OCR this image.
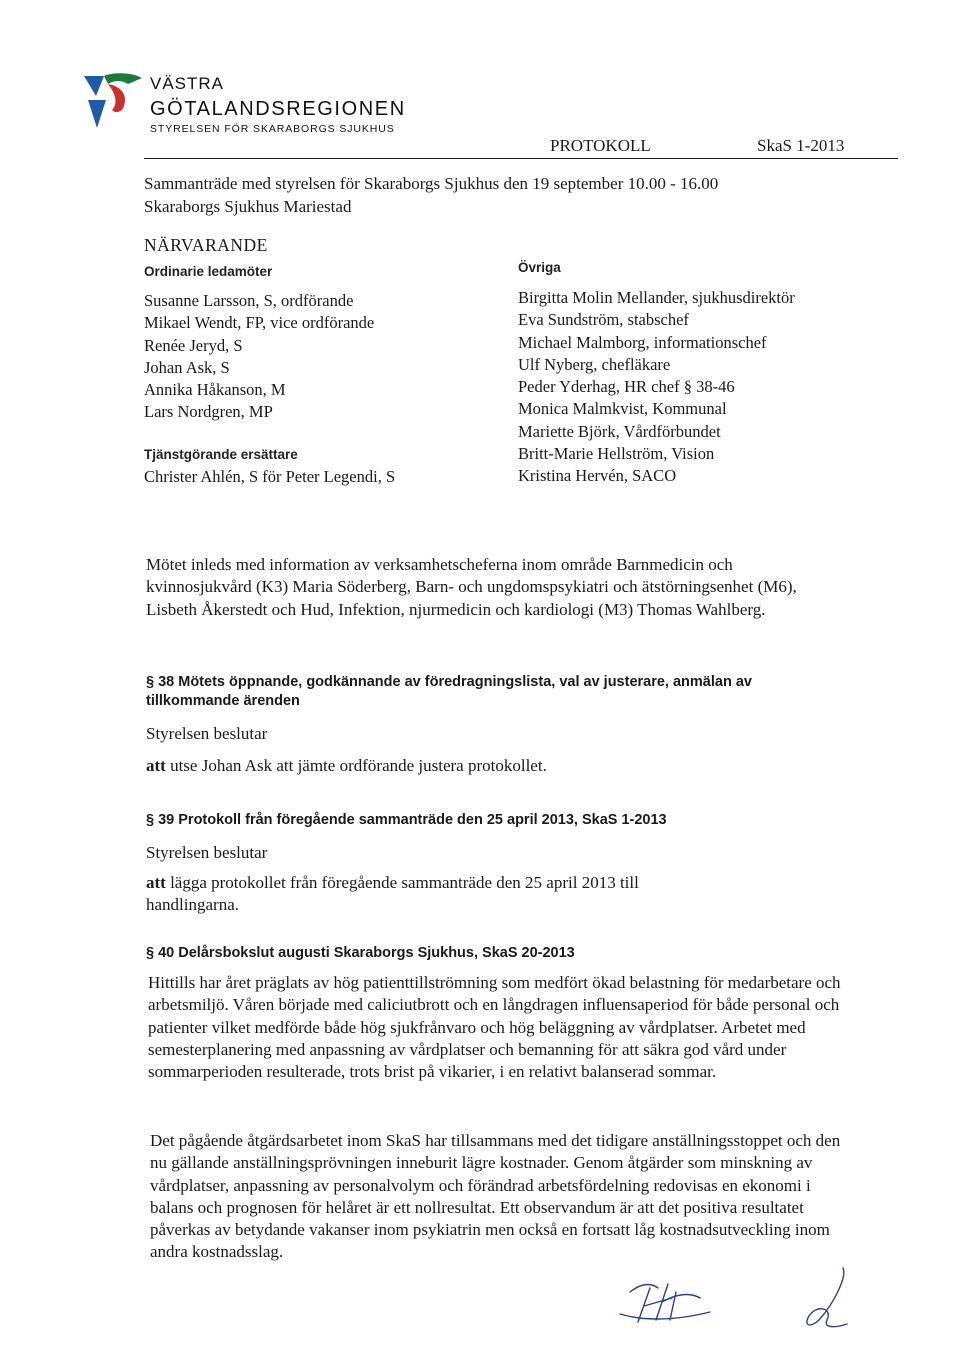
VÄSTRA
GÖTALANDSREGIONEN
STYRELSEN FÖR SKARABORGS SJUKHUS
PROTOKOLL	SkaS 1-2013
Sammanträde med styrelsen för Skaraborgs Sjukhus den 19 september 10.00 - 16.00
Skaraborgs Sjukhus Mariestad
NÄRVARANDE
Ordinarie ledamöter
Susanne Larsson, S, ordförande
Mikael Wendt, FP, vice ordförande
Renée Jeryd, S
Johan Ask, S
Annika Håkanson, M
Lars Nordgren, MP
Tjänstgörande ersättare
Christer Ahlén, S för Peter Legendi, S
Övriga
Birgitta Molin Mellander, sjukhusdirektör
Eva Sundström, stabschef
Michael Malmborg, informationschef
Ulf Nyberg, chefläkare
Peder Yderhag, HR chef § 38-46
Monica Malmkvist, Kommunal
Mariette Björk, Vårdförbundet
Britt-Marie Hellström, Vision
Kristina Hervén, SACO

Mötet inleds med information av verksamhetscheferna inom område Barnmedicin och kvinnosjukvård (K3) Maria Söderberg, Barn- och ungdomspsykiatri och ätstörningsenhet (M6), Lisbeth Åkerstedt och Hud, Infektion, njurmedicin och kardiologi (M3) Thomas Wahlberg.

§ 38 Mötets öppnande, godkännande av föredragningslista, val av justerare, anmälan av tillkommande ärenden
Styrelsen beslutar
att utse Johan Ask att jämte ordförande justera protokollet.
§ 39 Protokoll från föregående sammanträde den 25 april 2013, SkaS 1-2013
Styrelsen beslutar
att lägga protokollet från föregående sammanträde den 25 april 2013 till handlingarna.
§ 40 Delårsbokslut augusti Skaraborgs Sjukhus, SkaS 20-2013

Hittills har året präglats av hög patienttillströmning som medfört ökad belastning för medarbetare och arbetsmiljö. Våren började med caliciutbrott och en långdragen influensaperiod för både personal och patienter vilket medförde både hög sjukfrånvaro och hög beläggning av vårdplatser. Arbetet med semesterplanering med anpassning av vårdplatser och bemanning för att säkra god vård under sommarperioden resulterade, trots brist på vikarier, i en relativt balanserad sommar.

Det pågående åtgärdsarbetet inom SkaS har tillsammans med det tidigare anställningsstoppet och den nu gällande anställningsprövningen inneburit lägre kostnader. Genom åtgärder som minskning av vårdplatser, anpassning av personalvolym och förändrad arbetsfördelning redovisas en ekonomi i balans och prognosen för helåret är ett nollresultat. Ett observandum är att det positiva resultatet påverkas av betydande vakanser inom psykiatrin men också en fortsatt låg kostnadsutveckling inom andra kostnadsslag.
